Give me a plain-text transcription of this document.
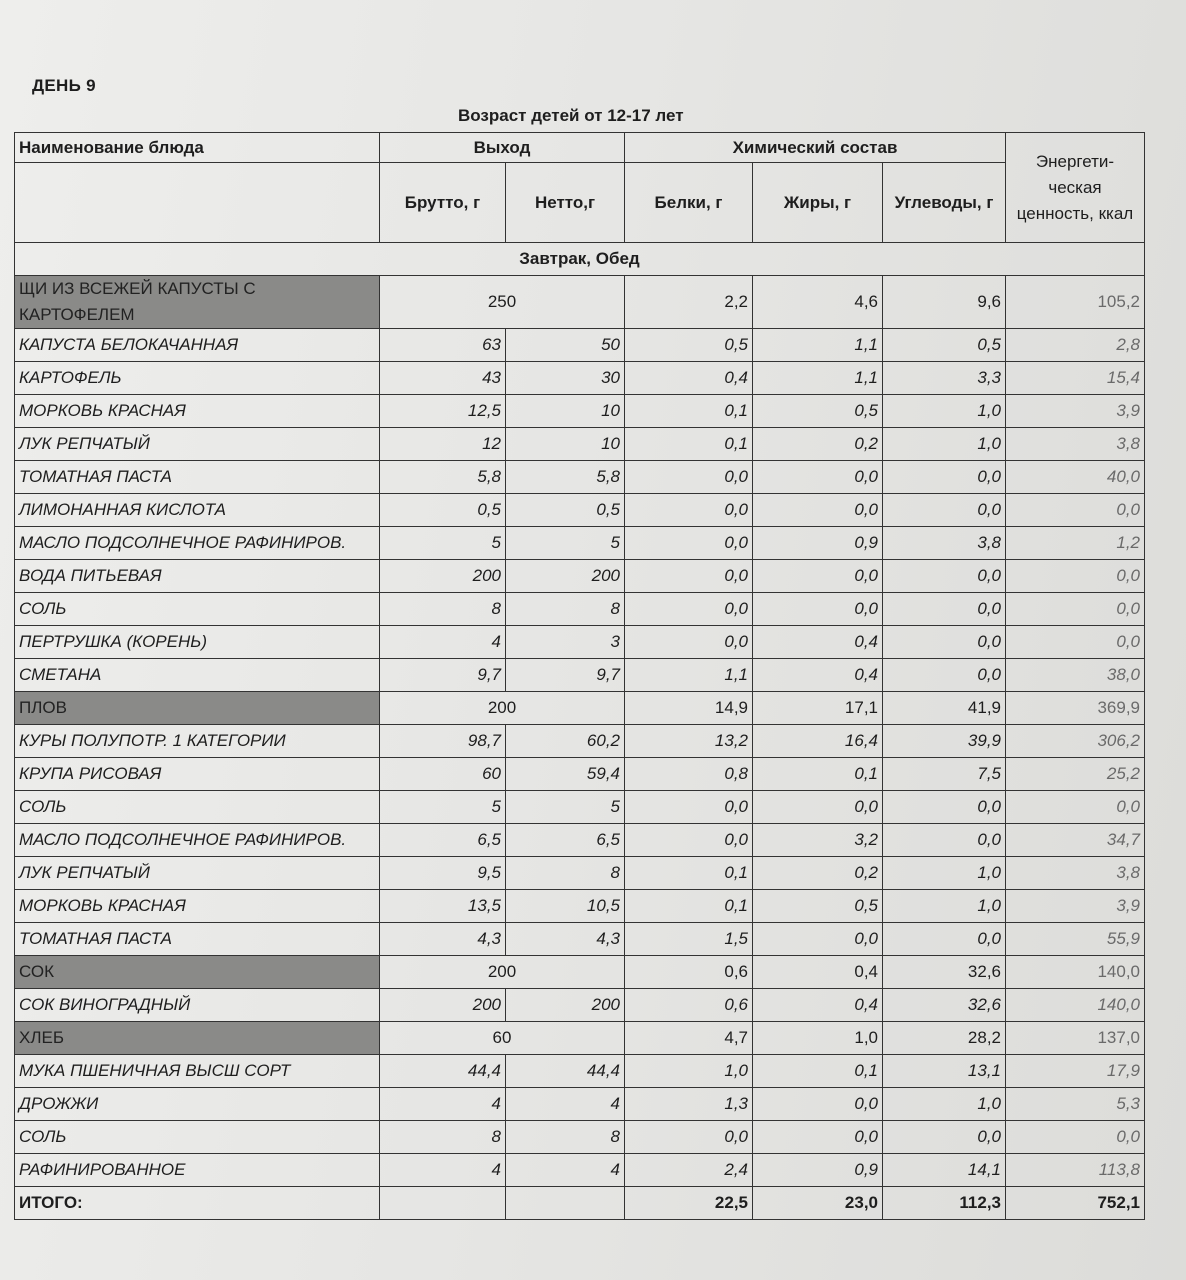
ДЕНЬ 9
Возраст детей от 12-17 лет
Наименование блюда	Выход		Химический состав			Энергети-ческая ценность, ккал
	Брутто, г	Нетто,г	Белки, г	Жиры, г	Углеводы, г	
Завтрак, Обед						
ЩИ ИЗ ВСЕЖЕЙ КАПУСТЫ С КАРТОФЕЛЕМ	250		2,2	4,6	9,6	105,2
КАПУСТА БЕЛОКАЧАННАЯ	63	50	0,5	1,1	0,5	2,8
КАРТОФЕЛЬ	43	30	0,4	1,1	3,3	15,4
МОРКОВЬ КРАСНАЯ	12,5	10	0,1	0,5	1,0	3,9
ЛУК РЕПЧАТЫЙ	12	10	0,1	0,2	1,0	3,8
ТОМАТНАЯ ПАСТА	5,8	5,8	0,0	0,0	0,0	40,0
ЛИМОНАННАЯ КИСЛОТА	0,5	0,5	0,0	0,0	0,0	0,0
МАСЛО ПОДСОЛНЕЧНОЕ РАФИНИРОВ.	5	5	0,0	0,9	3,8	1,2
ВОДА ПИТЬЕВАЯ	200	200	0,0	0,0	0,0	0,0
СОЛЬ	8	8	0,0	0,0	0,0	0,0
ПЕРТРУШКА (КОРЕНЬ)	4	3	0,0	0,4	0,0	0,0
СМЕТАНА	9,7	9,7	1,1	0,4	0,0	38,0
ПЛОВ	200		14,9	17,1	41,9	369,9
КУРЫ ПОЛУПОТР. 1 КАТЕГОРИИ	98,7	60,2	13,2	16,4	39,9	306,2
КРУПА РИСОВАЯ	60	59,4	0,8	0,1	7,5	25,2
СОЛЬ	5	5	0,0	0,0	0,0	0,0
МАСЛО ПОДСОЛНЕЧНОЕ РАФИНИРОВ.	6,5	6,5	0,0	3,2	0,0	34,7
ЛУК РЕПЧАТЫЙ	9,5	8	0,1	0,2	1,0	3,8
МОРКОВЬ КРАСНАЯ	13,5	10,5	0,1	0,5	1,0	3,9
ТОМАТНАЯ ПАСТА	4,3	4,3	1,5	0,0	0,0	55,9
СОК	200		0,6	0,4	32,6	140,0
СОК ВИНОГРАДНЫЙ	200	200	0,6	0,4	32,6	140,0
ХЛЕБ	60		4,7	1,0	28,2	137,0
МУКА ПШЕНИЧНАЯ ВЫСШ СОРТ	44,4	44,4	1,0	0,1	13,1	17,9
ДРОЖЖИ	4	4	1,3	0,0	1,0	5,3
СОЛЬ	8	8	0,0	0,0	0,0	0,0
РАФИНИРОВАННОЕ	4	4	2,4	0,9	14,1	113,8
ИТОГО:			22,5	23,0	112,3	752,1
